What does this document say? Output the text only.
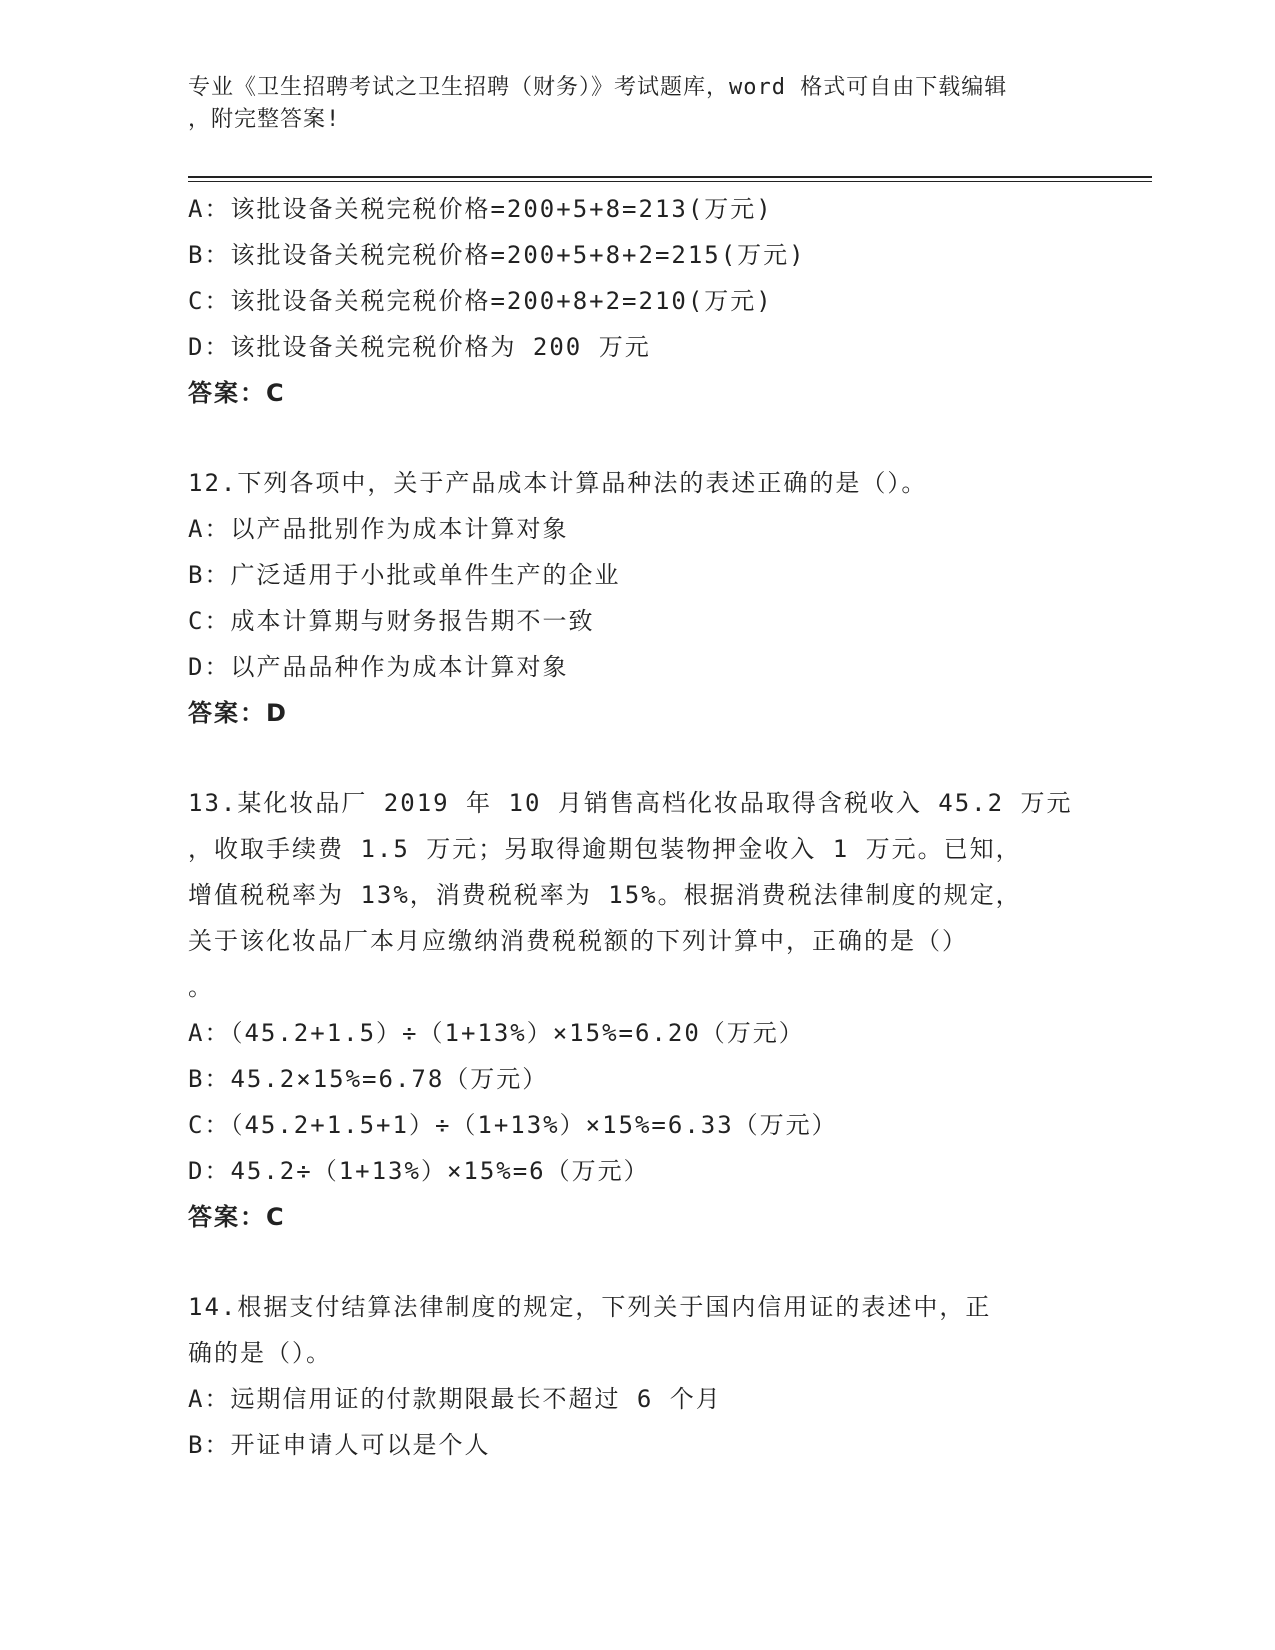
专业《卫生招聘考试之卫生招聘（财务）》考试题库，word 格式可自由下载编辑
，附完整答案!
A：该批设备关税完税价格=200+5+8=213(万元)
B：该批设备关税完税价格=200+5+8+2=215(万元)
C：该批设备关税完税价格=200+8+2=210(万元)
D：该批设备关税完税价格为 200 万元
答案：C
12.下列各项中，关于产品成本计算品种法的表述正确的是（）。
A：以产品批别作为成本计算对象
B：广泛适用于小批或单件生产的企业
C：成本计算期与财务报告期不一致
D：以产品品种作为成本计算对象
答案：D
13.某化妆品厂 2019 年 10 月销售高档化妆品取得含税收入 45.2 万元
，收取手续费 1.5 万元；另取得逾期包装物押金收入 1 万元。已知，
增值税税率为 13%，消费税税率为 15%。根据消费税法律制度的规定，
关于该化妆品厂本月应缴纳消费税税额的下列计算中，正确的是（）
。
A：（45.2+1.5）÷（1+13%）×15%=6.20（万元）
B：45.2×15%=6.78（万元）
C：（45.2+1.5+1）÷（1+13%）×15%=6.33（万元）
D：45.2÷（1+13%）×15%=6（万元）
答案：C
14.根据支付结算法律制度的规定，下列关于国内信用证的表述中，正
确的是（）。
A：远期信用证的付款期限最长不超过 6 个月
B：开证申请人可以是个人
